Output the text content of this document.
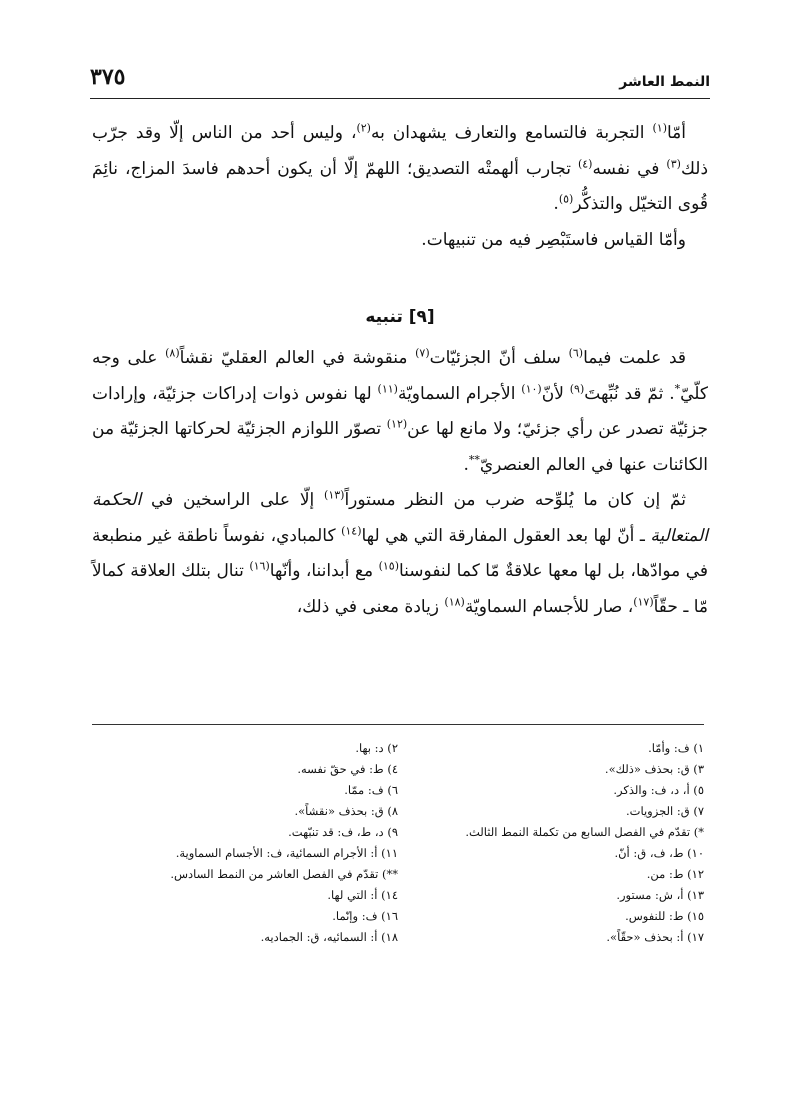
النمط العاشر
٣٧٥

أمّا$^{(١)}$ التجربة فالتسامع والتعارف يشهدان به$^{(٢)}$، وليس أحد من الناس إلّا وقد جرّب ذلك$^{(٣)}$ في نفسه$^{(٤)}$ تجارب ألهمتْه التصديق؛ اللهمّ إلّا أن يكون أحدهم فاسدَ المزاج، نائِمَ قُوى التخيّل والتذكُّر$^{(٥)}$.

وأمّا القياس فاستَبْصِر فيه من تنبيهات.

[٩] تنبيه

قد علمت فيما$^{(٦)}$ سلف أنّ الجزئيّات$^{(٧)}$ منقوشة في العالم العقليّ نقشاً$^{(٨)}$ على وجه كلّيّ*. ثمّ قد نُبِّهتَ$^{(٩)}$ لأنّ$^{(١٠)}$ الأجرام السماويّة$^{(١١)}$ لها نفوس ذوات إدراكات جزئيّة، وإرادات جزئيّة تصدر عن رأي جزئيّ؛ ولا مانع لها عن$^{(١٢)}$ تصوّر اللوازم الجزئيّة لحركاتها الجزئيّة من الكائنات عنها في العالم العنصريّ**.

ثمّ إن كان ما يُلوِّحه ضرب من النظر مستوراً$^{(١٣)}$ إلّا على الراسخين في الحكمة المتعالية ـ أنّ لها بعد العقول المفارقة التي هي لها$^{(١٤)}$ كالمبادي، نفوساً ناطقة غير منطبعة في موادّها، بل لها معها علاقةٌ مّا كما لنفوسنا$^{(١٥)}$ مع أبداننا، وأنّها$^{(١٦)}$ تنال بتلك العلاقة كمالاً مّا ـ حقّاً$^{(١٧)}$، صار للأجسام السماويّة$^{(١٨)}$ زيادة معنى في ذلك،

١) ف: وأمّا.
٢) د: بها.
٣) ق: بحذف «ذلك».
٤) ط: في حقّ نفسه.
٥) أ، د، ف: والذكر.
٦) ف: ممّا.
٧) ق: الجزويات.
٨) ق: بحذف «نقشاً».
*) تقدّم في الفصل السابع من تكملة النمط الثالث.
٩) د، ط، ف: قد تنبّهت.
١٠) ط، ف، ق: أنّ.
١١) أ: الأجرام السمائية، ف: الأجسام السماوية.
١٢) ط: من.
**) تقدّم في الفصل العاشر من النمط السادس.
١٣) أ، ش: مستور.
١٤) أ: التي لها.
١٥) ط: للنفوس.
١٦) ف: وإنّما.
١٧) أ: بحذف «حقّاً».
١٨) أ: السمائيه، ق: الجماديه.
